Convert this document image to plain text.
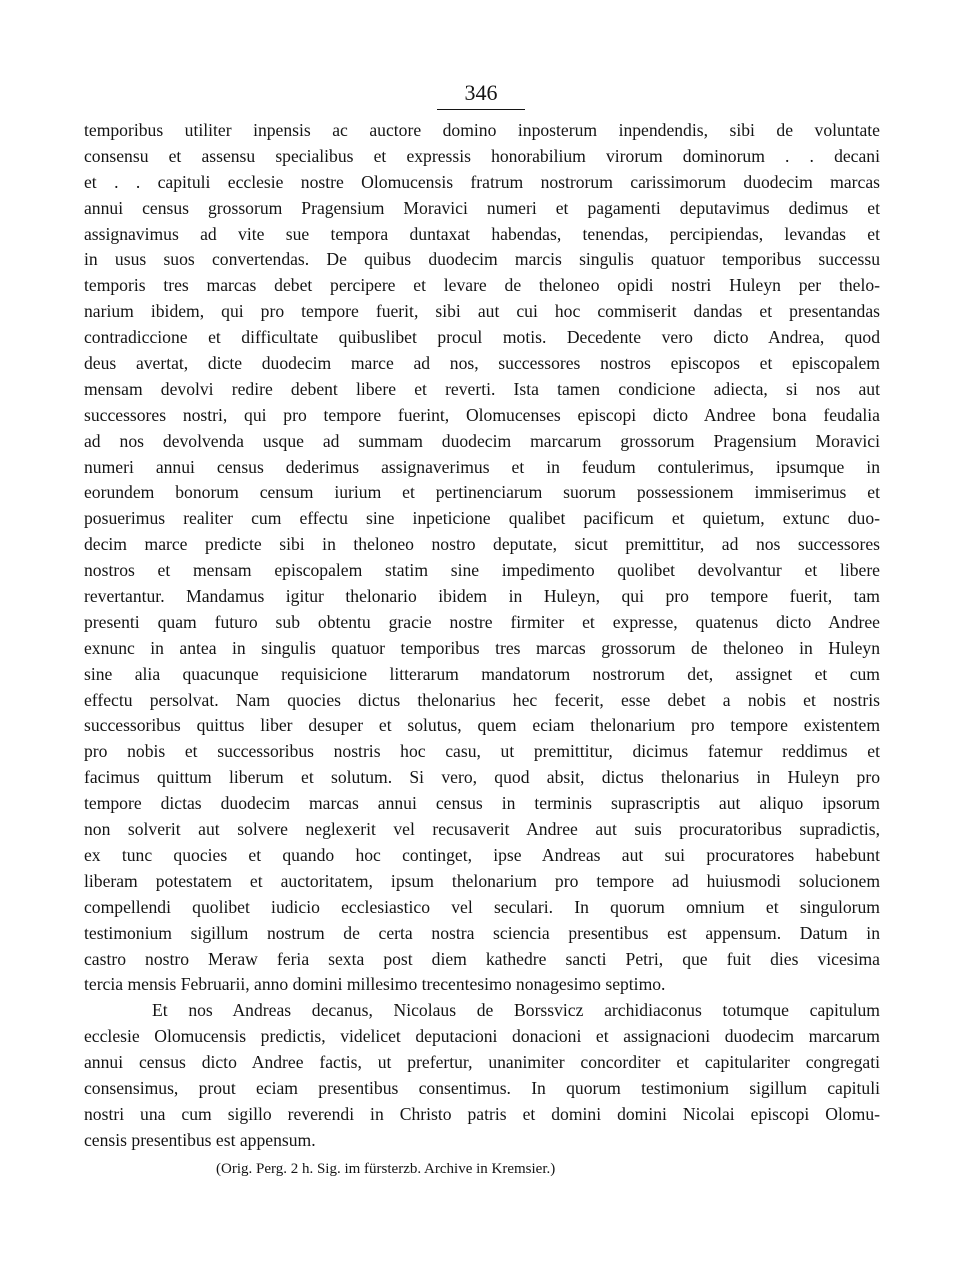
346
temporibus utiliter inpensis ac auctore domino inposterum inpendendis, sibi de voluntate
consensu et assensu specialibus et expressis honorabilium virorum dominorum . . decani
et . . capituli ecclesie nostre Olomucensis fratrum nostrorum carissimorum duodecim marcas
annui census grossorum Pragensium Moravici numeri et pagamenti deputavimus dedimus et
assignavimus ad vite sue tempora duntaxat habendas, tenendas, percipiendas, levandas et
in usus suos convertendas. De quibus duodecim marcis singulis quatuor temporibus successu
temporis tres marcas debet percipere et levare de theloneo opidi nostri Huleyn per thelo-
narium ibidem, qui pro tempore fuerit, sibi aut cui hoc commiserit dandas et presentandas
contradiccione et difficultate quibuslibet procul motis. Decedente vero dicto Andrea, quod
deus avertat, dicte duodecim marce ad nos, successores nostros episcopos et episcopalem
mensam devolvi redire debent libere et reverti. Ista tamen condicione adiecta, si nos aut
successores nostri, qui pro tempore fuerint, Olomucenses episcopi dicto Andree bona feudalia
ad nos devolvenda usque ad summam duodecim marcarum grossorum Pragensium Moravici
numeri annui census dederimus assignaverimus et in feudum contulerimus, ipsumque in
eorundem bonorum censum iurium et pertinenciarum suorum possessionem immiserimus et
posuerimus realiter cum effectu sine inpeticione qualibet pacificum et quietum, extunc duo-
decim marce predicte sibi in theloneo nostro deputate, sicut premittitur, ad nos successores
nostros et mensam episcopalem statim sine impedimento quolibet devolvantur et libere
revertantur. Mandamus igitur thelonario ibidem in Huleyn, qui pro tempore fuerit, tam
presenti quam futuro sub obtentu gracie nostre firmiter et expresse, quatenus dicto Andree
exnunc in antea in singulis quatuor temporibus tres marcas grossorum de theloneo in Huleyn
sine alia quacunque requisicione litterarum mandatorum nostrorum det, assignet et cum
effectu persolvat. Nam quocies dictus thelonarius hec fecerit, esse debet a nobis et nostris
successoribus quittus liber desuper et solutus, quem eciam thelonarium pro tempore existentem
pro nobis et successoribus nostris hoc casu, ut premittitur, dicimus fatemur reddimus et
facimus quittum liberum et solutum. Si vero, quod absit, dictus thelonarius in Huleyn pro
tempore dictas duodecim marcas annui census in terminis suprascriptis aut aliquo ipsorum
non solverit aut solvere neglexerit vel recusaverit Andree aut suis procuratoribus supradictis,
ex tunc quocies et quando hoc continget, ipse Andreas aut sui procuratores habebunt
liberam potestatem et auctoritatem, ipsum thelonarium pro tempore ad huiusmodi solucionem
compellendi quolibet iudicio ecclesiastico vel seculari. In quorum omnium et singulorum
testimonium sigillum nostrum de certa nostra sciencia presentibus est appensum. Datum in
castro nostro Meraw feria sexta post diem kathedre sancti Petri, que fuit dies vicesima
tercia mensis Februarii, anno domini millesimo trecentesimo nonagesimo septimo.
Et nos Andreas decanus, Nicolaus de Borssvicz archidiaconus totumque capitulum
ecclesie Olomucensis predictis, videlicet deputacioni donacioni et assignacioni duodecim marcarum
annui census dicto Andree factis, ut prefertur, unanimiter concorditer et capitulariter congregati
consensimus, prout eciam presentibus consentimus. In quorum testimonium sigillum capituli
nostri una cum sigillo reverendi in Christo patris et domini domini Nicolai episcopi Olomu-
censis presentibus est appensum.
(Orig. Perg. 2 h. Sig. im fürsterzb. Archive in Kremsier.)
